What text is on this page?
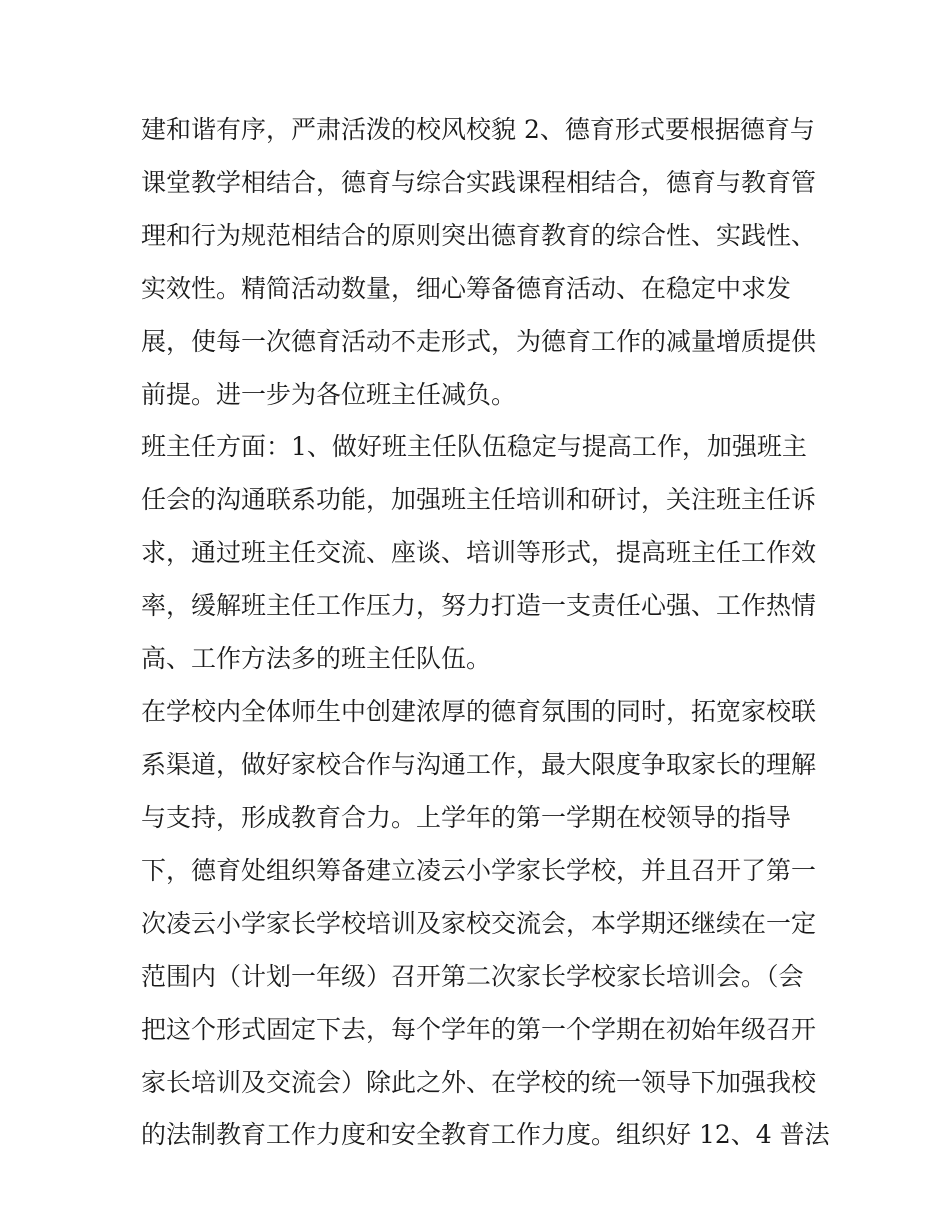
建和谐有序，严肃活泼的校风校貌 2、德育形式要根据德育与
课堂教学相结合，德育与综合实践课程相结合，德育与教育管
理和行为规范相结合的原则突出德育教育的综合性、实践性、
实效性。精简活动数量，细心筹备德育活动、在稳定中求发
展，使每一次德育活动不走形式，为德育工作的减量增质提供
前提。进一步为各位班主任减负。
班主任方面：1、做好班主任队伍稳定与提高工作，加强班主
任会的沟通联系功能，加强班主任培训和研讨，关注班主任诉
求，通过班主任交流、座谈、培训等形式，提高班主任工作效
率，缓解班主任工作压力，努力打造一支责任心强、工作热情
高、工作方法多的班主任队伍。
在学校内全体师生中创建浓厚的德育氛围的同时，拓宽家校联
系渠道，做好家校合作与沟通工作，最大限度争取家长的理解
与支持，形成教育合力。上学年的第一学期在校领导的指导
下，德育处组织筹备建立凌云小学家长学校，并且召开了第一
次凌云小学家长学校培训及家校交流会，本学期还继续在一定
范围内（计划一年级）召开第二次家长学校家长培训会。（会
把这个形式固定下去，每个学年的第一个学期在初始年级召开
家长培训及交流会）除此之外、在学校的统一领导下加强我校
的法制教育工作力度和安全教育工作力度。组织好 12、4 普法
